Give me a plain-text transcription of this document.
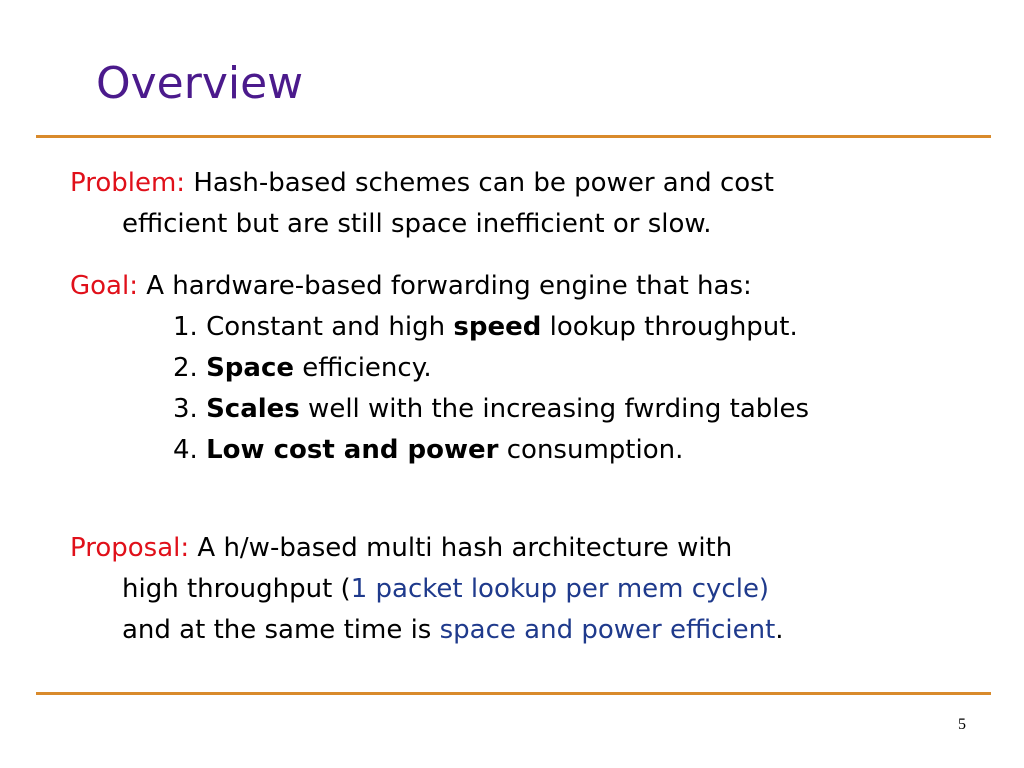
Overview
Problem: Hash-based schemes can be power and cost
efficient but are still space inefficient or slow.
Goal: A hardware-based forwarding engine that has:
1. Constant and high speed lookup throughput.
2. Space efficiency.
3. Scales well with the increasing fwrding tables
4. Low cost and power consumption.
Proposal: A h/w-based multi hash architecture with
high throughput (1 packet lookup per mem cycle)
and at the same time is space and power efficient.
5
